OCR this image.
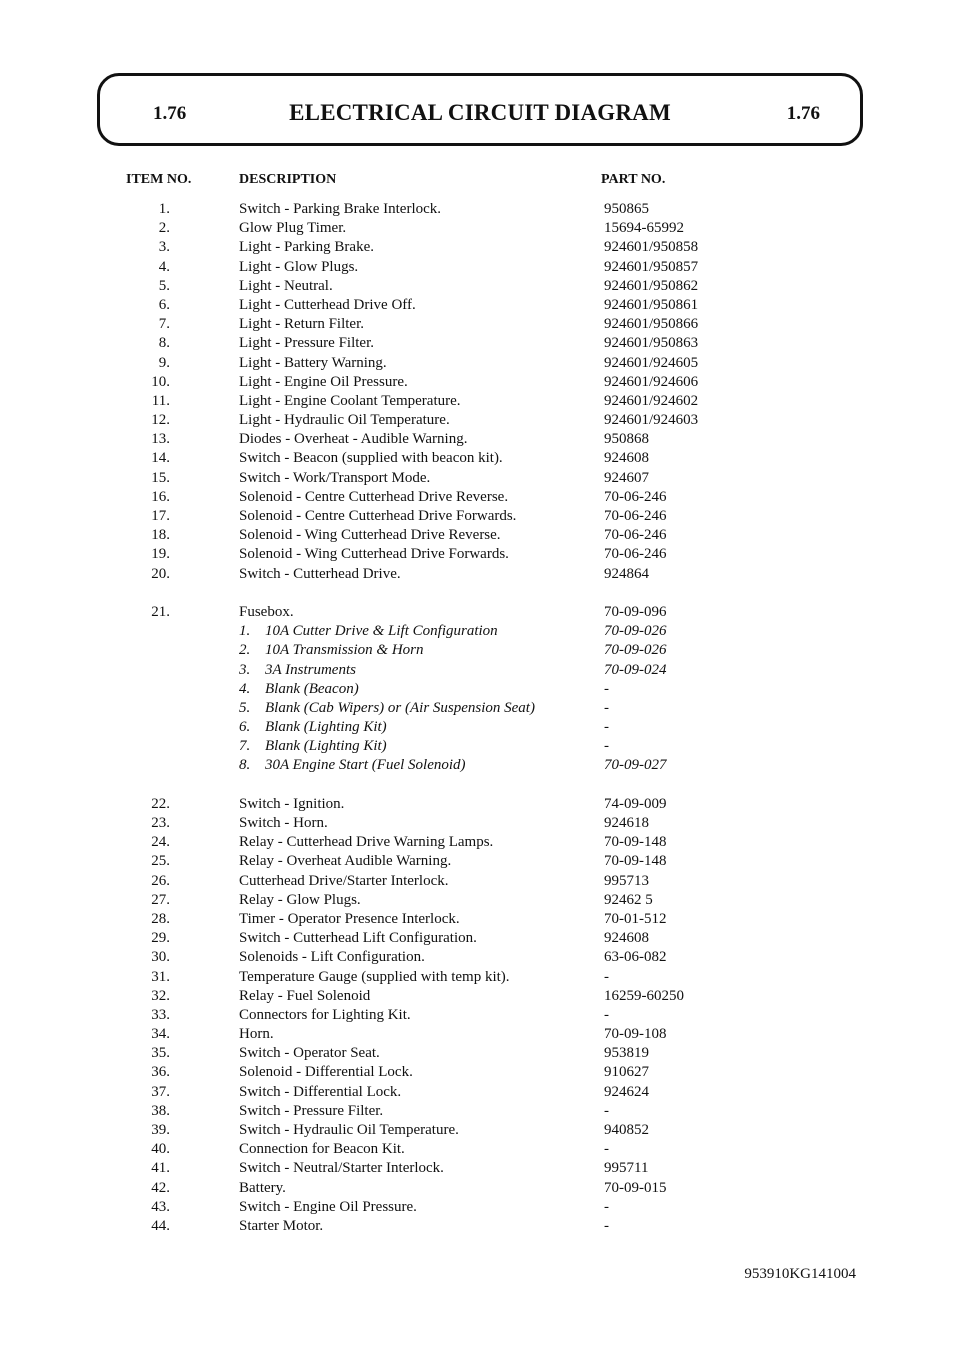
1.76	ELECTRICAL CIRCUIT DIAGRAM	1.76
ITEM NO.	DESCRIPTION	PART NO.
1.	Switch - Parking Brake Interlock.	950865
2.	Glow Plug Timer.	15694-65992
3.	Light - Parking Brake.	924601/950858
4.	Light - Glow Plugs.	924601/950857
5.	Light - Neutral.	924601/950862
6.	Light - Cutterhead Drive Off.	924601/950861
7.	Light - Return Filter.	924601/950866
8.	Light - Pressure Filter.	924601/950863
9.	Light - Battery Warning.	924601/924605
10.	Light - Engine Oil Pressure.	924601/924606
11.	Light - Engine Coolant Temperature.	924601/924602
12.	Light - Hydraulic Oil Temperature.	924601/924603
13.	Diodes - Overheat - Audible Warning.	950868
14.	Switch - Beacon (supplied with beacon kit).	924608
15.	Switch - Work/Transport Mode.	924607
16.	Solenoid - Centre Cutterhead Drive Reverse.	70-06-246
17.	Solenoid - Centre Cutterhead Drive Forwards.	70-06-246
18.	Solenoid - Wing Cutterhead Drive Reverse.	70-06-246
19.	Solenoid - Wing Cutterhead Drive Forwards.	70-06-246
20.	Switch - Cutterhead Drive.	924864
21.	Fusebox.	70-09-096
1. 10A Cutter Drive & Lift Configuration	70-09-026
2. 10A Transmission & Horn	70-09-026
3. 3A Instruments	70-09-024
4. Blank (Beacon)	-
5. Blank (Cab Wipers) or (Air Suspension Seat)	-
6. Blank (Lighting Kit)	-
7. Blank (Lighting Kit)	-
8. 30A Engine Start (Fuel Solenoid)	70-09-027
22.	Switch - Ignition.	74-09-009
23.	Switch - Horn.	924618
24.	Relay - Cutterhead Drive Warning Lamps.	70-09-148
25.	Relay - Overheat Audible Warning.	70-09-148
26.	Cutterhead Drive/Starter Interlock.	995713
27.	Relay - Glow Plugs.	92462 5
28.	Timer - Operator Presence Interlock.	70-01-512
29.	Switch - Cutterhead Lift Configuration.	924608
30.	Solenoids - Lift Configuration.	63-06-082
31.	Temperature Gauge (supplied with temp kit).	-
32.	Relay - Fuel Solenoid	16259-60250
33.	Connectors for Lighting Kit.	-
34.	Horn.	70-09-108
35.	Switch - Operator Seat.	953819
36.	Solenoid - Differential Lock.	910627
37.	Switch - Differential Lock.	924624
38.	Switch - Pressure Filter.	-
39.	Switch - Hydraulic Oil Temperature.	940852
40.	Connection for Beacon Kit.	-
41.	Switch - Neutral/Starter Interlock.	995711
42.	Battery.	70-09-015
43.	Switch - Engine Oil Pressure.	-
44.	Starter Motor.	-
953910KG141004
